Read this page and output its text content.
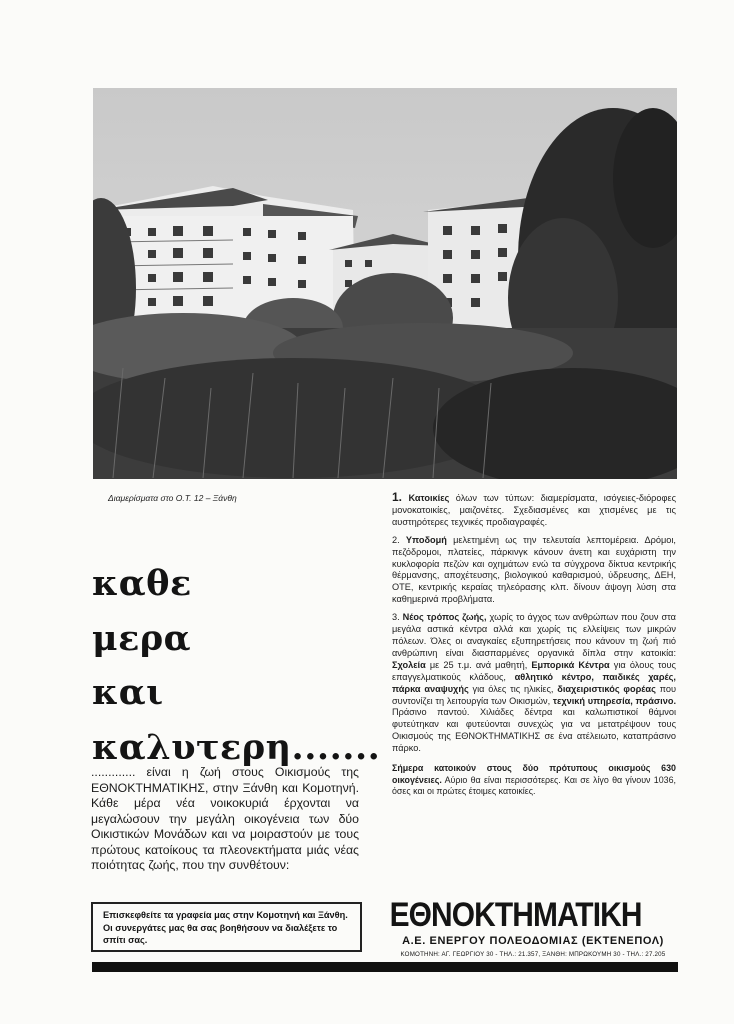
Διαμερίσματα στο Ο.Τ. 12 – Ξάνθη
καθε
μερα
και
καλυτερη.......
............. είναι η ζωή στους Οικισμούς της ΕΘΝΟΚΤΗΜΑΤΙΚΗΣ, στην Ξάνθη και Κομοτηνή. Κάθε μέρα νέα νοικοκυριά έρχονται να μεγαλώσουν την μεγάλη οικογένεια των δύο Οικιστικών Μονάδων και να μοιραστούν με τους πρώτους κατοίκους τα πλεονεκτήματα μιάς νέας ποιότητας ζωής, που την συνθέτουν:

1. Κατοικίες όλων των τύπων: διαμερίσματα, ισόγειες-διόροφες μονοκατοικίες, μαιζονέτες. Σχεδιασμένες και χτισμένες με τις αυστηρότερες τεχνικές προδιαγραφές.

2. Υποδομή μελετημένη ως την τελευταία λεπτομέρεια. Δρόμοι, πεζόδρομοι, πλατείες, πάρκινγκ κάνουν άνετη και ευχάριστη την κυκλοφορία πεζών και οχημάτων ενώ τα σύγχρονα δίκτυα κεντρικής θέρμανσης, αποχέτευσης, βιολογικού καθαρισμού, ύδρευσης, ΔΕΗ, ΟΤΕ, κεντρικής κεραίας τηλεόρασης κλπ. δίνουν άψογη λύση στα καθημερινά προβλήματα.

3. Νέος τρόπος ζωής, χωρίς το άγχος των ανθρώπων που ζουν στα μεγάλα αστικά κέντρα αλλά και χωρίς τις ελλείψεις των μικρών πόλεων. Όλες οι αναγκαίες εξυπηρετήσεις που κάνουν τη ζωή πιό ανθρώπινη είναι διασπαρμένες οργανικά δίπλα στην κατοικία: Σχολεία με 25 τ.μ. ανά μαθητή, Εμπορικά Κέντρα για όλους τους επαγγελματικούς κλάδους, αθλητικό κέντρο, παιδικές χαρές, πάρκα αναψυχής για όλες τις ηλικίες, διαχειριστικός φορέας που συντονίζει τη λειτουργία των Οικισμών, τεχνική υπηρεσία, πράσινο. Πράσινο παντού. Χιλιάδες δέντρα και καλωπιστικοί θάμνοι φυτεύτηκαν και φυτεύονται συνεχώς για να μετατρέψουν τους Οικισμούς της ΕΘΝΟΚΤΗΜΑΤΙΚΗΣ σε ένα ατέλειωτο, καταπράσινο πάρκο.

Σήμερα κατοικούν στους δύο πρότυπους οικισμούς 630 οικογένειες. Αύριο θα είναι περισσότερες. Και σε λίγο θα γίνουν 1036, όσες και οι πρώτες έτοιμες κατοικίες.
Επισκεφθείτε τα γραφεία μας στην Κομοτηνή και Ξάνθη. Οι συνεργάτες μας θα σας βοηθήσουν να διαλέξετε το σπίτι σας.
ΕΘΝΟΚΤΗΜΑΤΙΚΗ
Α.Ε. ΕΝΕΡΓΟΥ ΠΟΛΕΟΔΟΜΙΑΣ (ΕΚΤΕΝΕΠΟΛ)
ΚΟΜΟΤΗΝΗ: ΑΓ. ΓΕΩΡΓΙΟΥ 30 - ΤΗΛ.: 21.357, ΞΑΝΘΗ: ΜΠΡΩΚΟΥΜΗ 30 - ΤΗΛ.: 27.205
